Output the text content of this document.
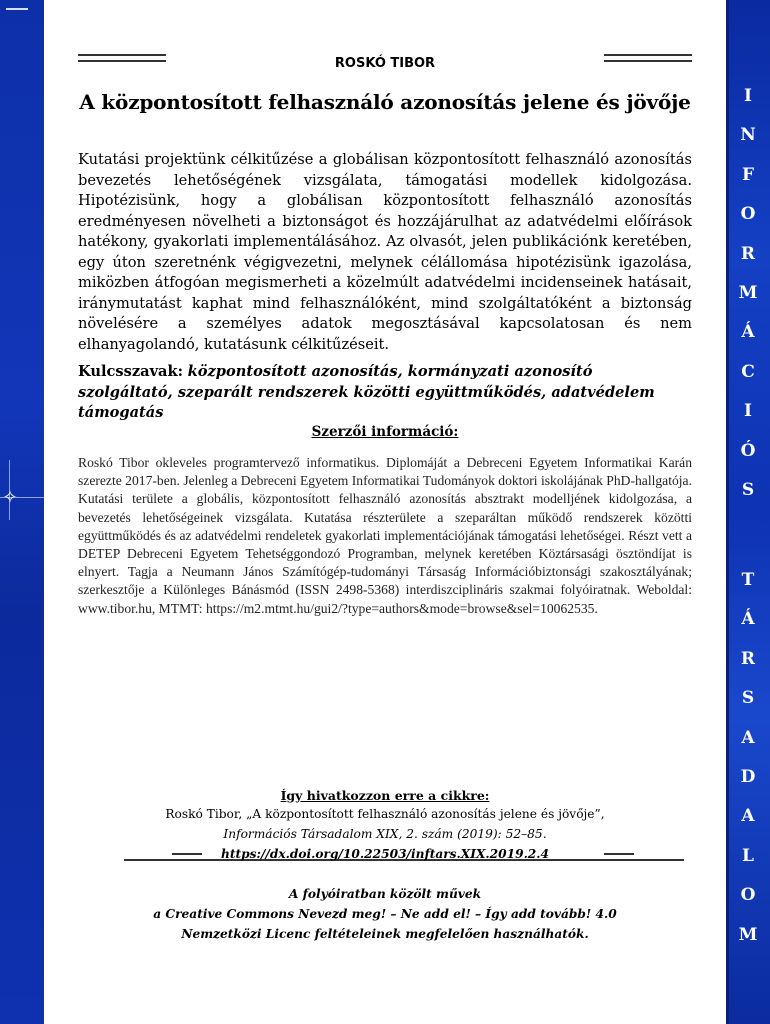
✧
I
N
F
O
R
M
Á
C
I
Ó
S
T
Á
R
S
A
D
A
L
O
M
ROSKÓ TIBOR
A központosított felhasználó azonosítás jelene és jövője
Kutatási projektünk célkitűzése a globálisan központosított felhasználó azonosítás bevezetés lehetőségének vizsgálata, támogatási modellek kidolgozása. Hipotézisünk, hogy a globálisan központosított felhasználó azonosítás eredményesen növelheti a biztonságot és hozzájárulhat az adatvédelmi előírások hatékony, gyakorlati implementálásához. Az olvasót, jelen publikációnk keretében, egy úton szeretnénk végigvezetni, melynek célállomása hipotézisünk igazolása, miközben átfogóan megismerheti a közelmúlt adatvédelmi incidenseinek hatásait, iránymutatást kaphat mind felhasználóként, mind szolgáltatóként a biztonság növelésére a személyes adatok megosztásával kapcsolatosan és nem elhanyagolandó, kutatásunk célkitűzéseit.
Kulcsszavak: központosított azonosítás, kormányzati azonosító szolgáltató, szeparált rendszerek közötti együttműködés, adatvédelem támogatás
Szerzői információ:
Roskó Tibor okleveles programtervező informatikus. Diplomáját a Debreceni Egyetem Informatikai Karán szerezte 2017-ben. Jelenleg a Debreceni Egyetem Informatikai Tudományok doktori iskolájának PhD-hallgatója. Kutatási területe a globális, központosított felhasználó azonosítás absztrakt modelljének kidolgozása, a bevezetés lehetőségeinek vizsgálata. Kutatása részterülete a szeparáltan működő rendszerek közötti együttműködés és az adatvédelmi rendeletek gyakorlati implementációjának támogatási lehetőségei. Részt vett a DETEP Debreceni Egyetem Tehetséggondozó Programban, melynek keretében Köztársasági ösztöndíjat is elnyert. Tagja a Neumann János Számítógép-tudományi Társaság Információbiztonsági szakosztályának; szerkesztője a Különleges Bánásmód (ISSN 2498-5368) interdiszciplináris szakmai folyóiratnak. Weboldal: www.tibor.hu, MTMT: https://m2.mtmt.hu/gui2/?type=authors&mode=browse&sel=10062535.
Így hivatkozzon erre a cikkre:
Roskó Tibor, „A központosított felhasználó azonosítás jelene és jövője”,
Információs Társadalom XIX, 2. szám (2019): 52–85.
https://dx.doi.org/10.22503/inftars.XIX.2019.2.4
A folyóiratban közölt művek
a Creative Commons Nevezd meg! – Ne add el! – Így add tovább! 4.0
Nemzetközi Licenc feltételeinek megfelelően használhatók.
